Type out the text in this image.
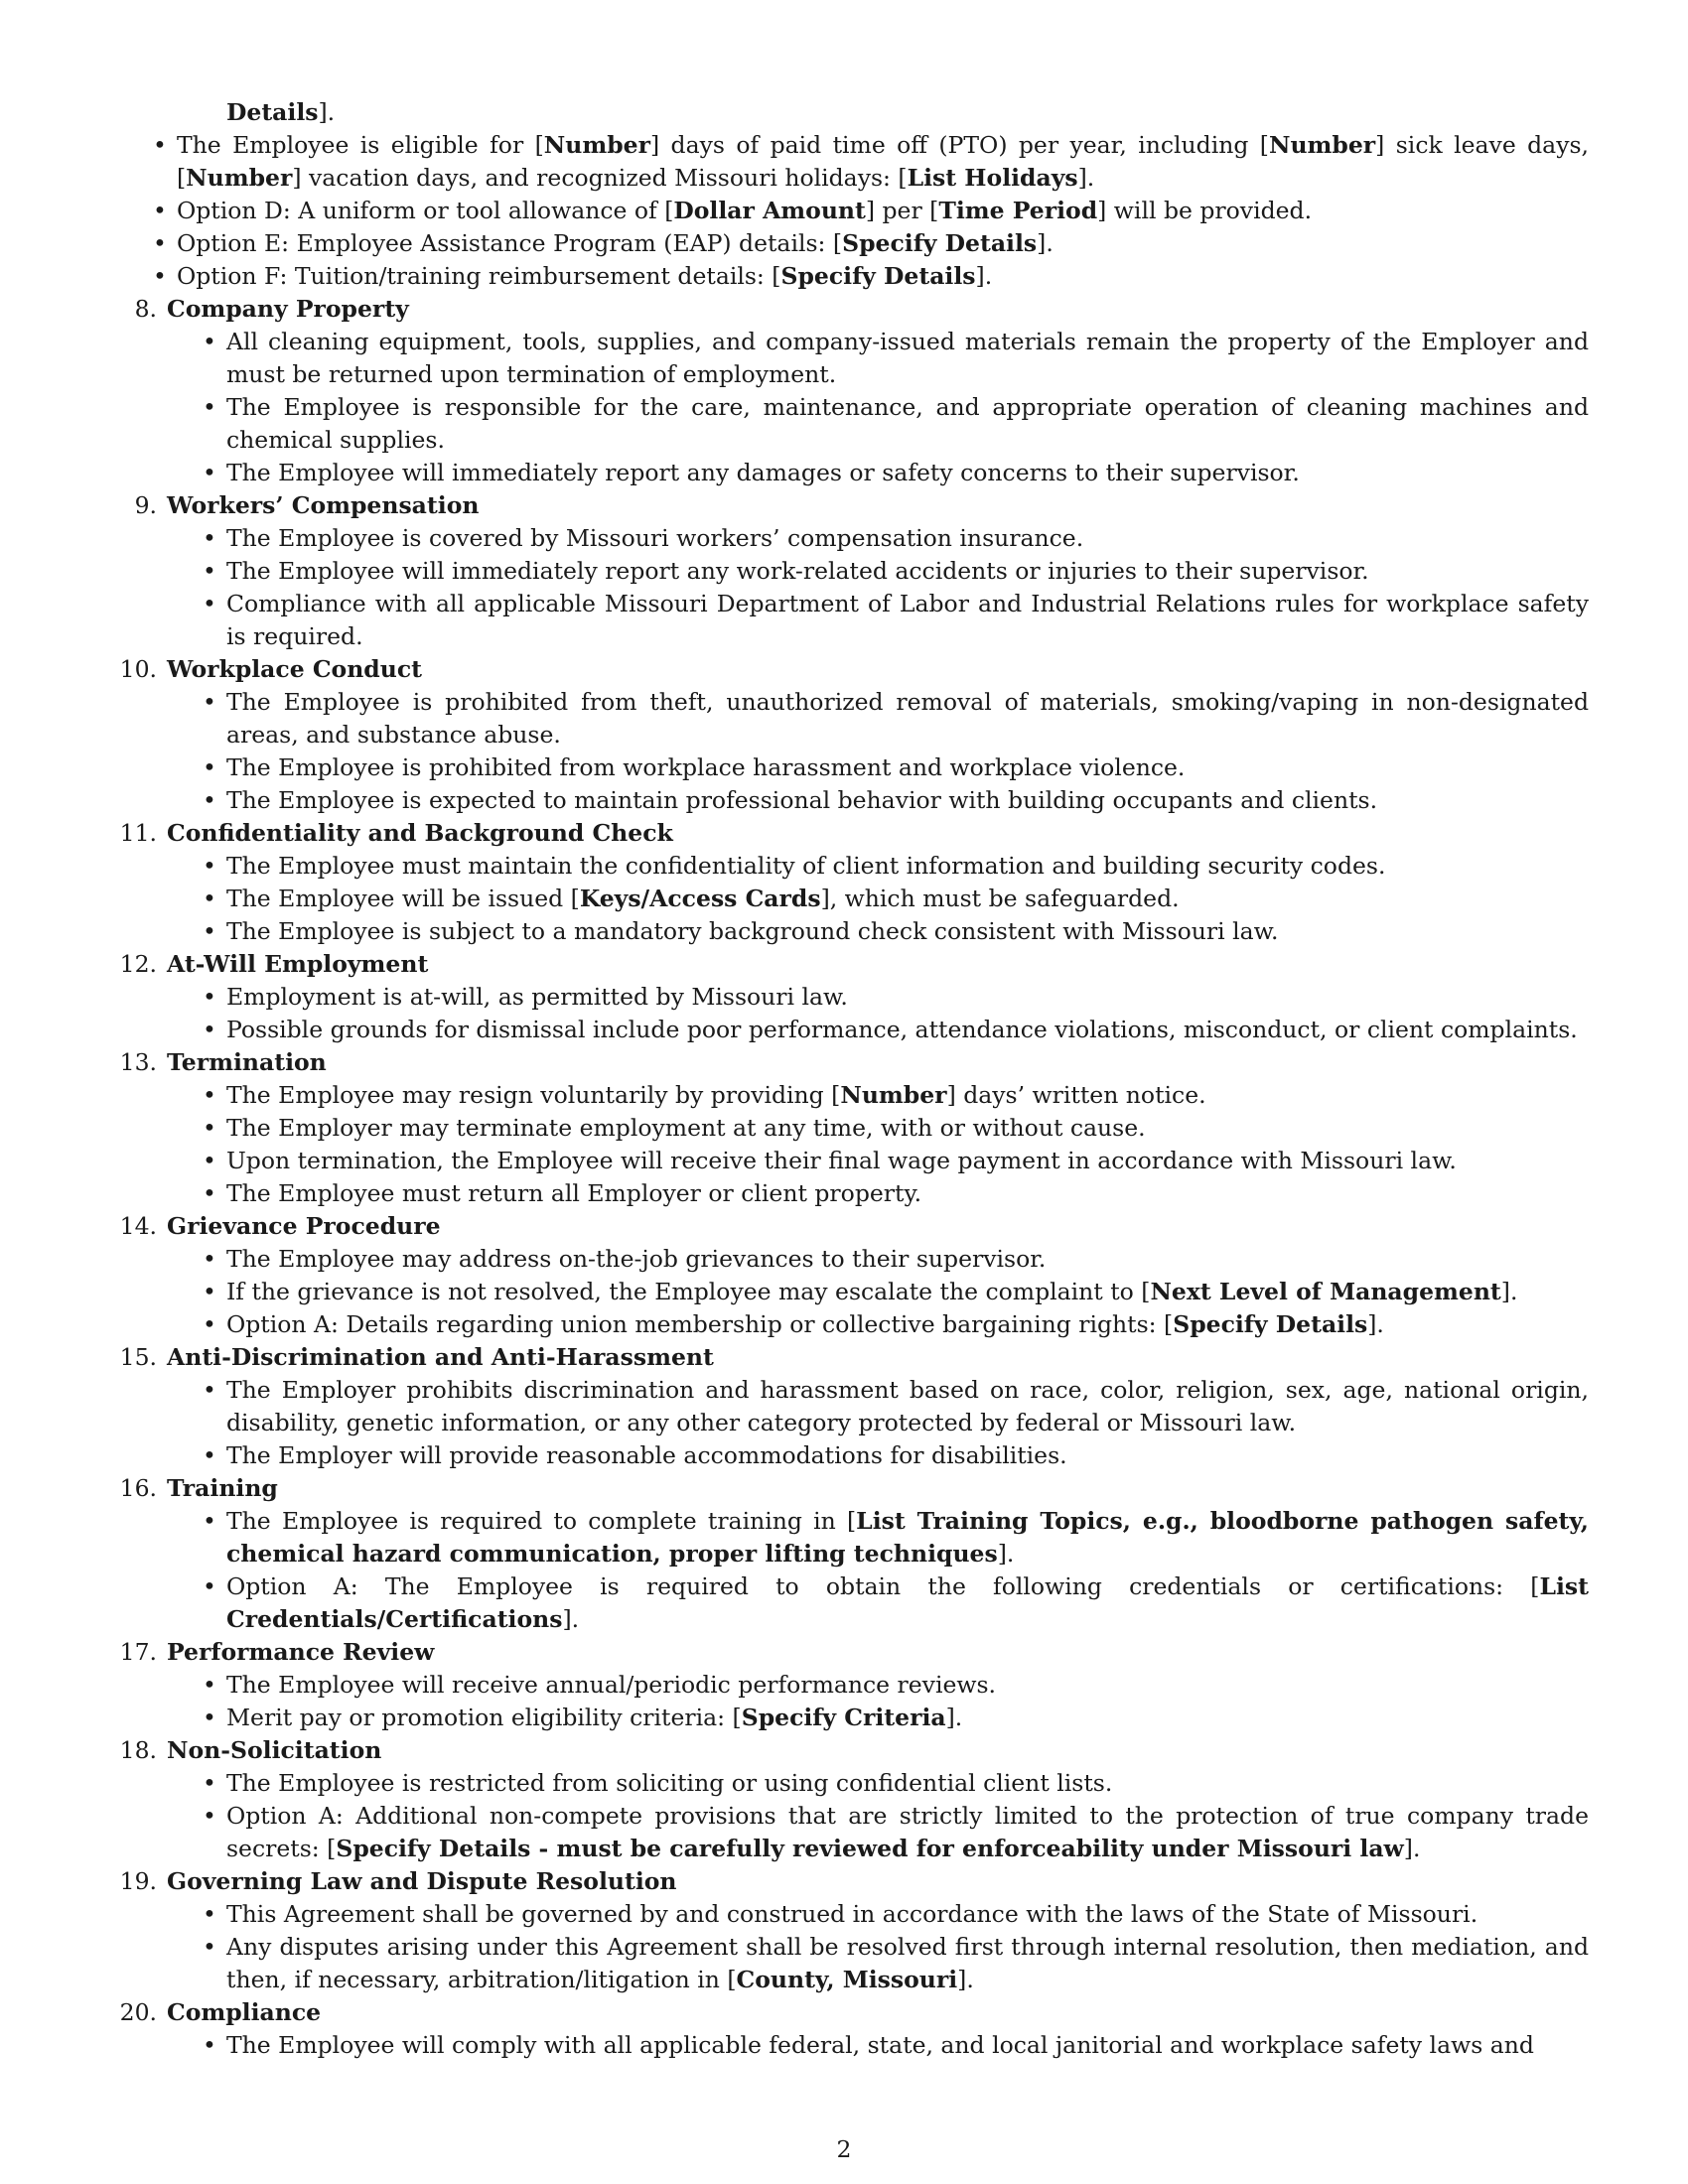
Details].
• The Employee is eligible for [Number] days of paid time off (PTO) per year, including [Number] sick leave days, [Number] vacation days, and recognized Missouri holidays: [List Holidays].
• Option D: A uniform or tool allowance of [Dollar Amount] per [Time Period] will be provided.
• Option E: Employee Assistance Program (EAP) details: [Specify Details].
• Option F: Tuition/training reimbursement details: [Specify Details].
8. Company Property
• All cleaning equipment, tools, supplies, and company-issued materials remain the property of the Employer and must be returned upon termination of employment.
• The Employee is responsible for the care, maintenance, and appropriate operation of cleaning machines and chemical supplies.
• The Employee will immediately report any damages or safety concerns to their supervisor.
9. Workers’ Compensation
• The Employee is covered by Missouri workers’ compensation insurance.
• The Employee will immediately report any work-related accidents or injuries to their supervisor.
• Compliance with all applicable Missouri Department of Labor and Industrial Relations rules for workplace safety is required.
10. Workplace Conduct
• The Employee is prohibited from theft, unauthorized removal of materials, smoking/vaping in non-designated areas, and substance abuse.
• The Employee is prohibited from workplace harassment and workplace violence.
• The Employee is expected to maintain professional behavior with building occupants and clients.
11. Confidentiality and Background Check
• The Employee must maintain the confidentiality of client information and building security codes.
• The Employee will be issued [Keys/Access Cards], which must be safeguarded.
• The Employee is subject to a mandatory background check consistent with Missouri law.
12. At-Will Employment
• Employment is at-will, as permitted by Missouri law.
• Possible grounds for dismissal include poor performance, attendance violations, misconduct, or client complaints.
13. Termination
• The Employee may resign voluntarily by providing [Number] days’ written notice.
• The Employer may terminate employment at any time, with or without cause.
• Upon termination, the Employee will receive their final wage payment in accordance with Missouri law.
• The Employee must return all Employer or client property.
14. Grievance Procedure
• The Employee may address on-the-job grievances to their supervisor.
• If the grievance is not resolved, the Employee may escalate the complaint to [Next Level of Management].
• Option A: Details regarding union membership or collective bargaining rights: [Specify Details].
15. Anti-Discrimination and Anti-Harassment
• The Employer prohibits discrimination and harassment based on race, color, religion, sex, age, national origin, disability, genetic information, or any other category protected by federal or Missouri law.
• The Employer will provide reasonable accommodations for disabilities.
16. Training
• The Employee is required to complete training in [List Training Topics, e.g., bloodborne pathogen safety, chemical hazard communication, proper lifting techniques].
• Option A: The Employee is required to obtain the following credentials or certifications: [List Credentials/Certifications].
17. Performance Review
• The Employee will receive annual/periodic performance reviews.
• Merit pay or promotion eligibility criteria: [Specify Criteria].
18. Non-Solicitation
• The Employee is restricted from soliciting or using confidential client lists.
• Option A: Additional non-compete provisions that are strictly limited to the protection of true company trade secrets: [Specify Details - must be carefully reviewed for enforceability under Missouri law].
19. Governing Law and Dispute Resolution
• This Agreement shall be governed by and construed in accordance with the laws of the State of Missouri.
• Any disputes arising under this Agreement shall be resolved first through internal resolution, then mediation, and then, if necessary, arbitration/litigation in [County, Missouri].
20. Compliance
• The Employee will comply with all applicable federal, state, and local janitorial and workplace safety laws and
2
